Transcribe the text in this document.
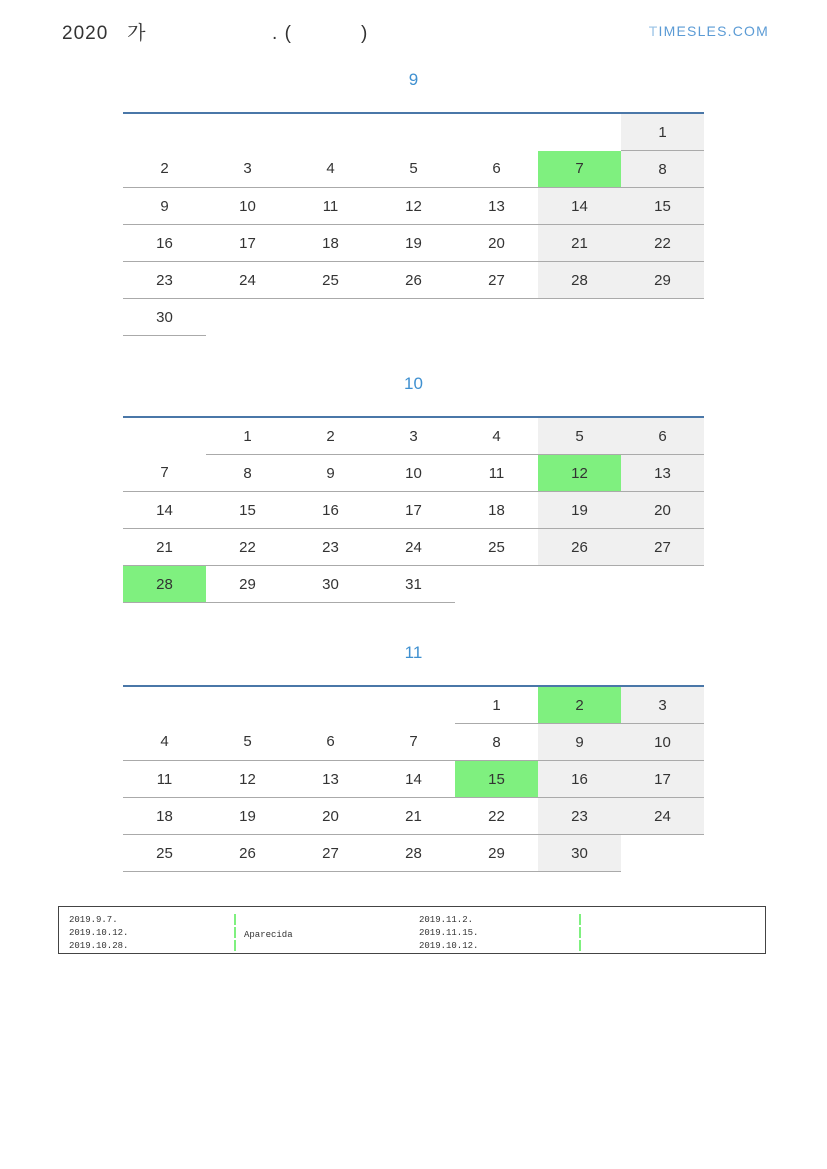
2020   가                    . (           )	TIMESLES.COM
9
						1
2	3	4	5	6	7	8
9	10	11	12	13	14	15
16	17	18	19	20	21	22
23	24	25	26	27	28	29
30						
10
	1	2	3	4	5	6
7	8	9	10	11	12	13
14	15	16	17	18	19	20
21	22	23	24	25	26	27
28	29	30	31			
11
				1	2	3
4	5	6	7	8	9	10
11	12	13	14	15	16	17
18	19	20	21	22	23	24
25	26	27	28	29	30	
2019.9.7.
2019.10.12.
2019.10.28.
Aparecida
2019.11.2.
2019.11.15.
2019.10.12.
